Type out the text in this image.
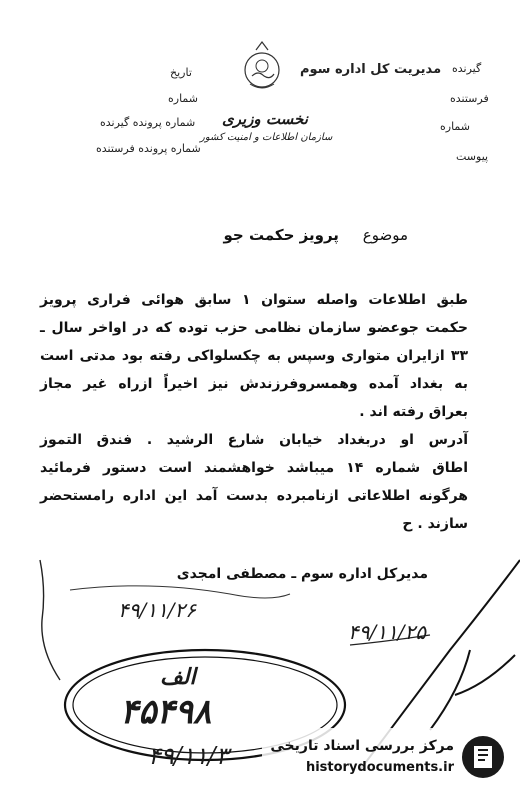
مدیریت کل اداره سوم گیرنده
تاریخ
فرستنده
شماره
شماره پرونده گیرنده	شماره
شماره پرونده فرستنده
پیوست
نخست وزیری
سازمان اطلاعات و امنیت کشور
موضوع     پرویز حکمت جو
طبق اطلاعات واصله ستوان ۱ سابق هوائی فراری پرویز
حکمت جوعضو سازمان نظامی حزب توده که در اواخر سال ـ
۳۳ ازایران متواری وسپس به چکسلواکی رفته بود مدتی است
به بغداد آمده وهمسروفرزندش نیز اخیراً ازراه غیر مجاز
بعراق رفته اند .
آدرس او دربغداد خیابان شارع الرشید . فندق التموز
اطاق شماره ۱۴ میباشد خواهشمند است دستور فرمائید
هرگونه اطلاعاتی ازنامبرده بدست آمد این اداره رامستحضر
سازند . ح
مدیرکل اداره سوم ـ مصطفی امجدی
۴۹/۱۱/۲۶
۴۹/۱۱/۲۵
الف
۴۵۴۹۸
۴۹/۱۱/۳	مرکز بررسی اسناد تاریخی
historydocuments.ir
